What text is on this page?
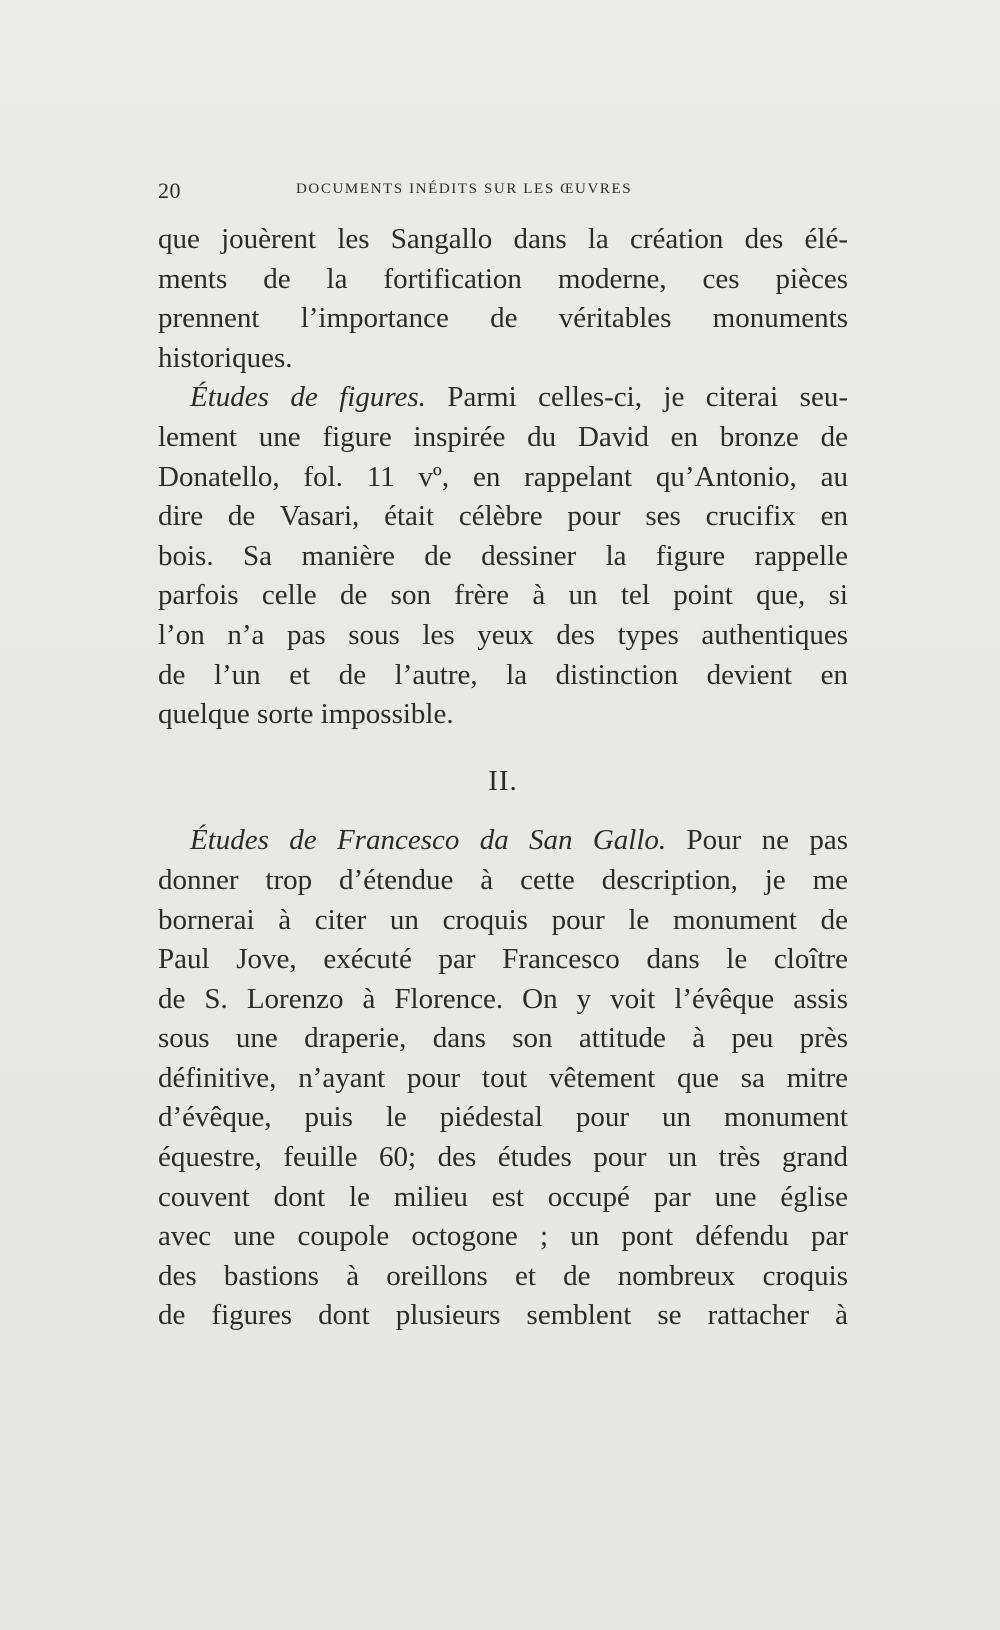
20	DOCUMENTS INÉDITS SUR LES ŒUVRES
que jouèrent les Sangallo dans la création des élé-
ments de la fortification moderne, ces pièces
prennent l’importance de véritables monuments
historiques.
Études de figures. Parmi celles-ci, je citerai seu-
lement une figure inspirée du David en bronze de
Donatello, fol. 11 vº, en rappelant qu’Antonio, au
dire de Vasari, était célèbre pour ses crucifix en
bois. Sa manière de dessiner la figure rappelle
parfois celle de son frère à un tel point que, si
l’on n’a pas sous les yeux des types authentiques
de l’un et de l’autre, la distinction devient en
quelque sorte impossible.
II.
Études de Francesco da San Gallo. Pour ne pas
donner trop d’étendue à cette description, je me
bornerai à citer un croquis pour le monument de
Paul Jove, exécuté par Francesco dans le cloître
de S. Lorenzo à Florence. On y voit l’évêque assis
sous une draperie, dans son attitude à peu près
définitive, n’ayant pour tout vêtement que sa mitre
d’évêque, puis le piédestal pour un monument
équestre, feuille 60; des études pour un très grand
couvent dont le milieu est occupé par une église
avec une coupole octogone ; un pont défendu par
des bastions à oreillons et de nombreux croquis
de figures dont plusieurs semblent se rattacher à
